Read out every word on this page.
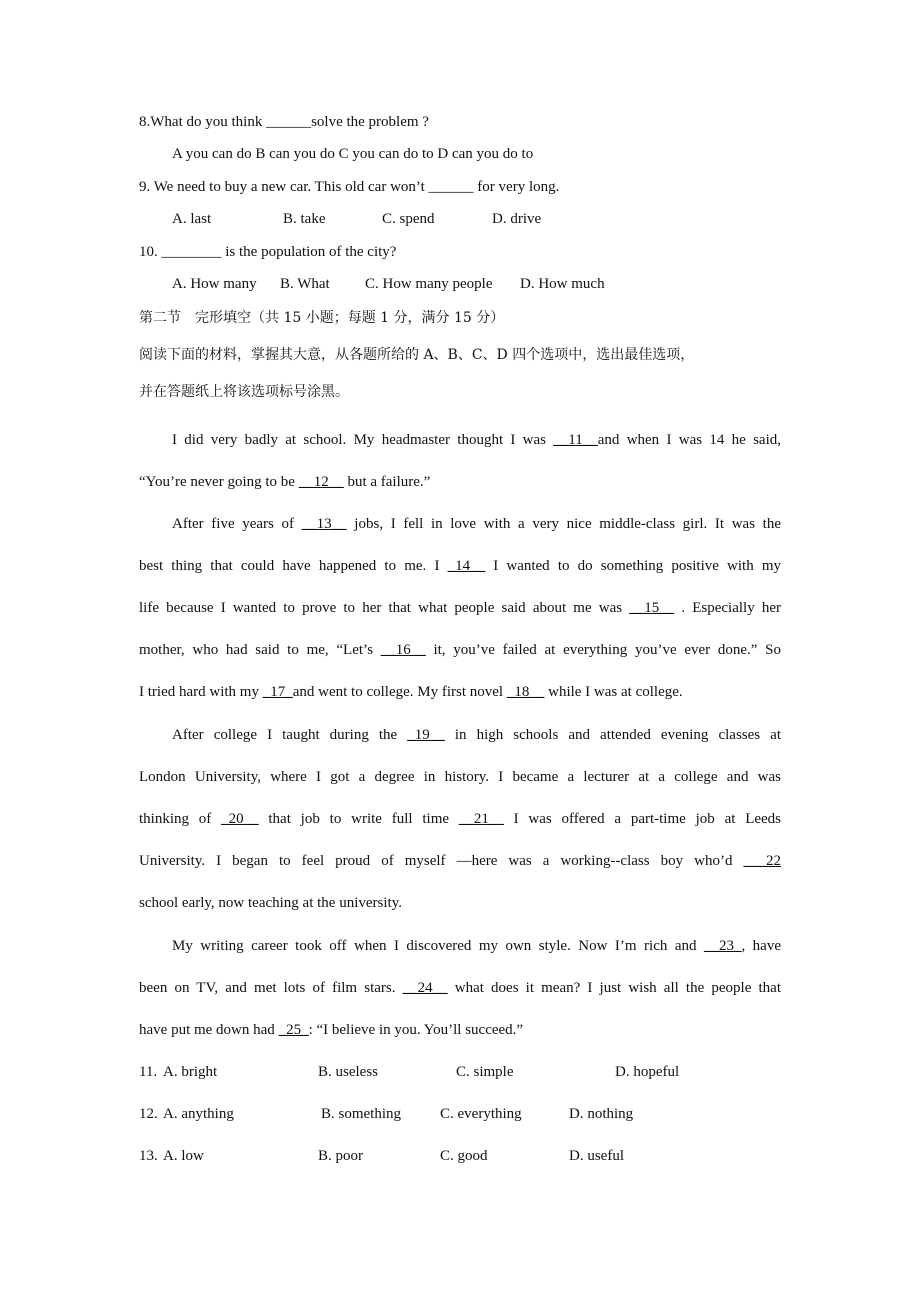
8.What do you think ______solve the problem ?
A you can do B can you do C you can do to D can you do to
9. We need to buy a new car. This old car won’t ______ for very long.
A. last	B. take	C. spend	D. drive
10. ________ is the population of the city?
A. How many B. What C. How many people D. How much
第二节　完形填空（共 15 小题；每题 1 分，满分 15 分）
阅读下面的材料，掌握其大意，从各题所给的 A、B、C、D 四个选项中，选出最佳选项，
并在答题纸上将该选项标号涂黑。
I did very badly at school. My headmaster thought I was __11__and when I was 14 he said,
“You’re never going to be __12__ but a failure.”
After five years of __13__ jobs, I fell in love with a very nice middle-class girl. It was the
best thing that could have happened to me. I _14__ I wanted to do something positive with my
life because I wanted to prove to her that what people said about me was __15__ . Especially her
mother, who had said to me, “Let’s __16__ it, you’ve failed at everything you’ve ever done.” So
I tried hard with my _17_and went to college. My first novel _18__ while I was at college.
After college I taught during the _19__ in high schools and attended evening classes at
London University, where I got a degree in history. I became a lecturer at a college and was
thinking of _20__ that job to write full time __21__ I was offered a part-time job at Leeds
University. I began to feel proud of myself —here was a working--class boy who’d ___22
school early, now teaching at the university.
My writing career took off when I discovered my own style. Now I’m rich and __23_, have
been on TV, and met lots of film stars. __24__ what does it mean? I just wish all the people that
have put me down had _25_: “I believe in you. You’ll succeed.”
11. A. bright	B. useless	C. simple	D. hopeful
12. A. anything	B. something	C. everything	D. nothing
13. A. low	B. poor	C. good	D. useful
